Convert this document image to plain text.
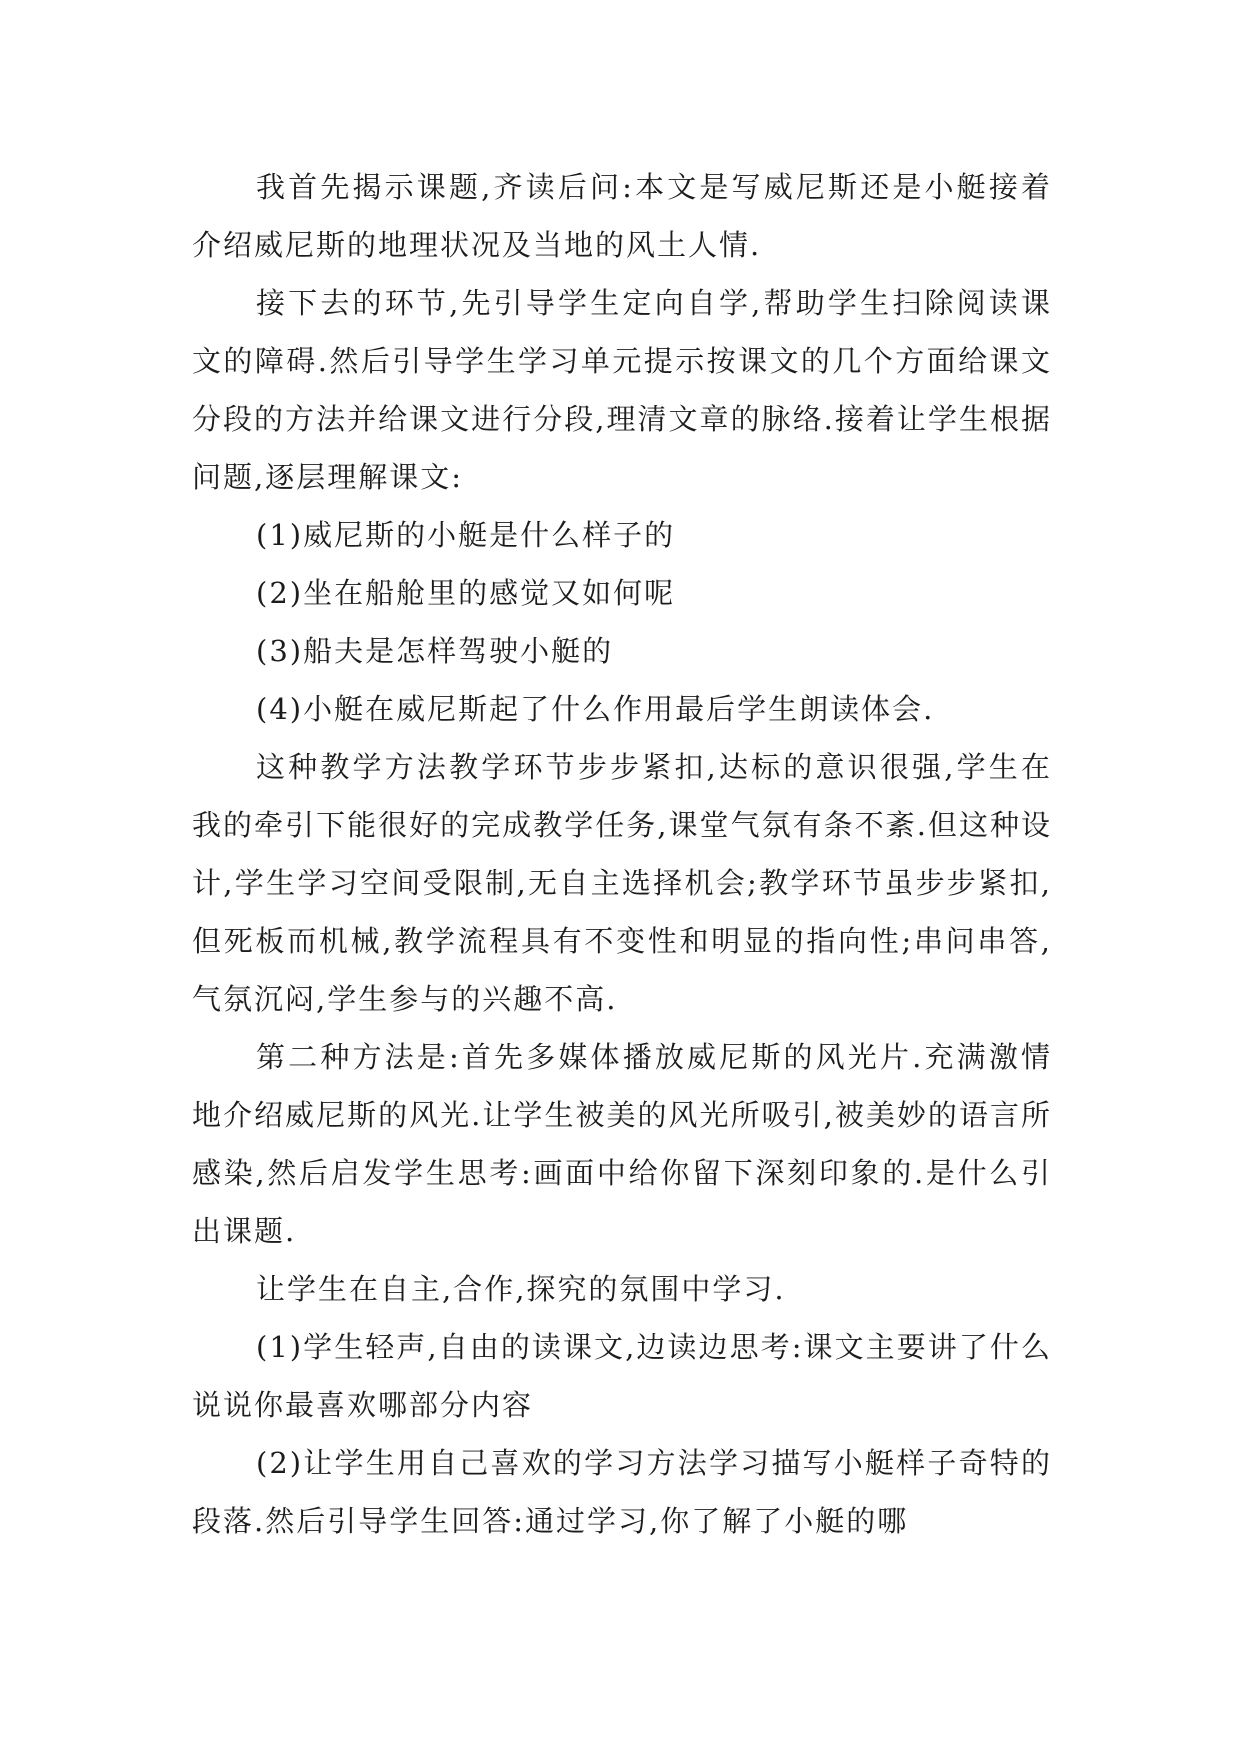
我首先揭示课题,齐读后问:本文是写威尼斯还是小艇接着介绍威尼斯的地理状况及当地的风土人情.

接下去的环节,先引导学生定向自学,帮助学生扫除阅读课文的障碍.然后引导学生学习单元提示按课文的几个方面给课文分段的方法并给课文进行分段,理清文章的脉络.接着让学生根据问题,逐层理解课文:

(1)威尼斯的小艇是什么样子的

(2)坐在船舱里的感觉又如何呢

(3)船夫是怎样驾驶小艇的

(4)小艇在威尼斯起了什么作用最后学生朗读体会.

这种教学方法教学环节步步紧扣,达标的意识很强,学生在我的牵引下能很好的完成教学任务,课堂气氛有条不紊.但这种设计,学生学习空间受限制,无自主选择机会;教学环节虽步步紧扣,但死板而机械,教学流程具有不变性和明显的指向性;串问串答,气氛沉闷,学生参与的兴趣不高.

第二种方法是:首先多媒体播放威尼斯的风光片.充满激情地介绍威尼斯的风光.让学生被美的风光所吸引,被美妙的语言所感染,然后启发学生思考:画面中给你留下深刻印象的.是什么引出课题.

让学生在自主,合作,探究的氛围中学习.

(1)学生轻声,自由的读课文,边读边思考:课文主要讲了什么说说你最喜欢哪部分内容

(2)让学生用自己喜欢的学习方法学习描写小艇样子奇特的段落.然后引导学生回答:通过学习,你了解了小艇的哪
